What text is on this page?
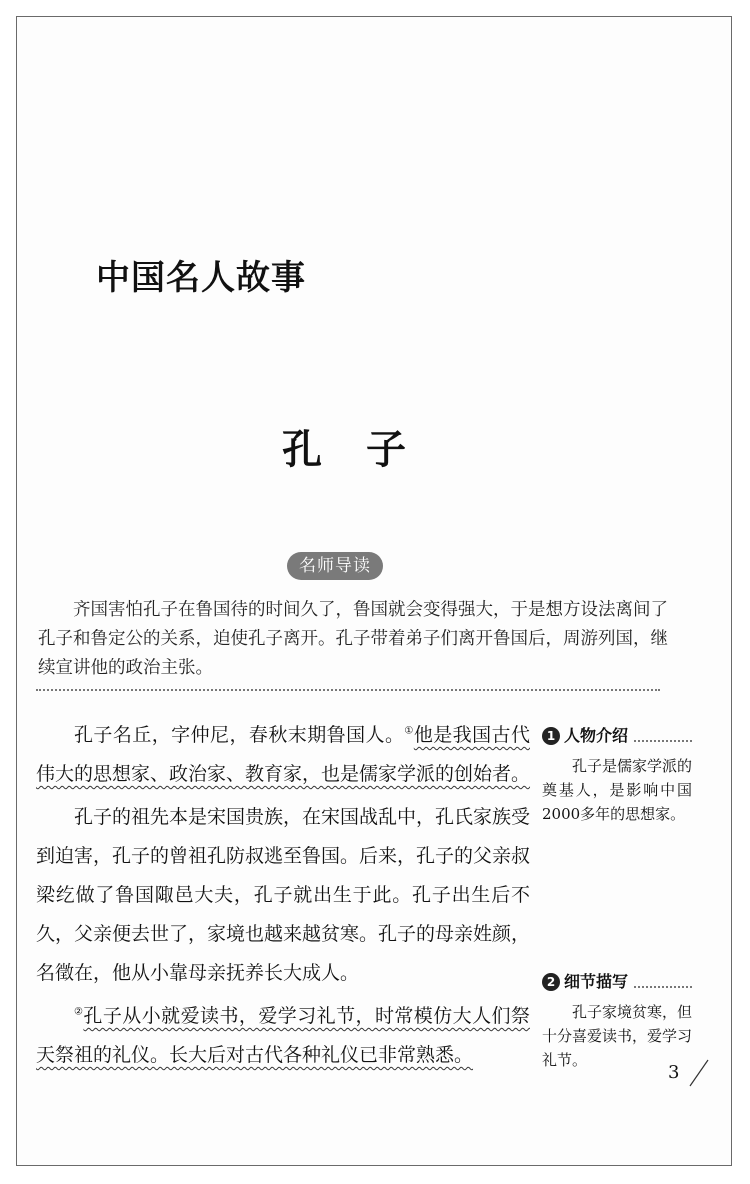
中国名人故事
孔子
名师导读
齐国害怕孔子在鲁国待的时间久了，鲁国就会变得强大，于是想方设法离间了孔子和鲁定公的关系，迫使孔子离开。孔子带着弟子们离开鲁国后，周游列国，继续宣讲他的政治主张。

孔子名丘，字仲尼，春秋末期鲁国人。①他是我国古代伟大的思想家、政治家、教育家，也是儒家学派的创始者。

孔子的祖先本是宋国贵族，在宋国战乱中，孔氏家族受到迫害，孔子的曾祖孔防叔逃至鲁国。后来，孔子的父亲叔梁纥做了鲁国陬邑大夫，孔子就出生于此。孔子出生后不久，父亲便去世了，家境也越来越贫寒。孔子的母亲姓颜，名徵在，他从小靠母亲抚养长大成人。

②孔子从小就爱读书，爱学习礼节，时常模仿大人们祭天祭祖的礼仪。长大后对古代各种礼仪已非常熟悉。

1 人物介绍
孔子是儒家学派的奠基人，是影响中国2000多年的思想家。
2 细节描写
孔子家境贫寒，但十分喜爱读书，爱学习礼节。
3
